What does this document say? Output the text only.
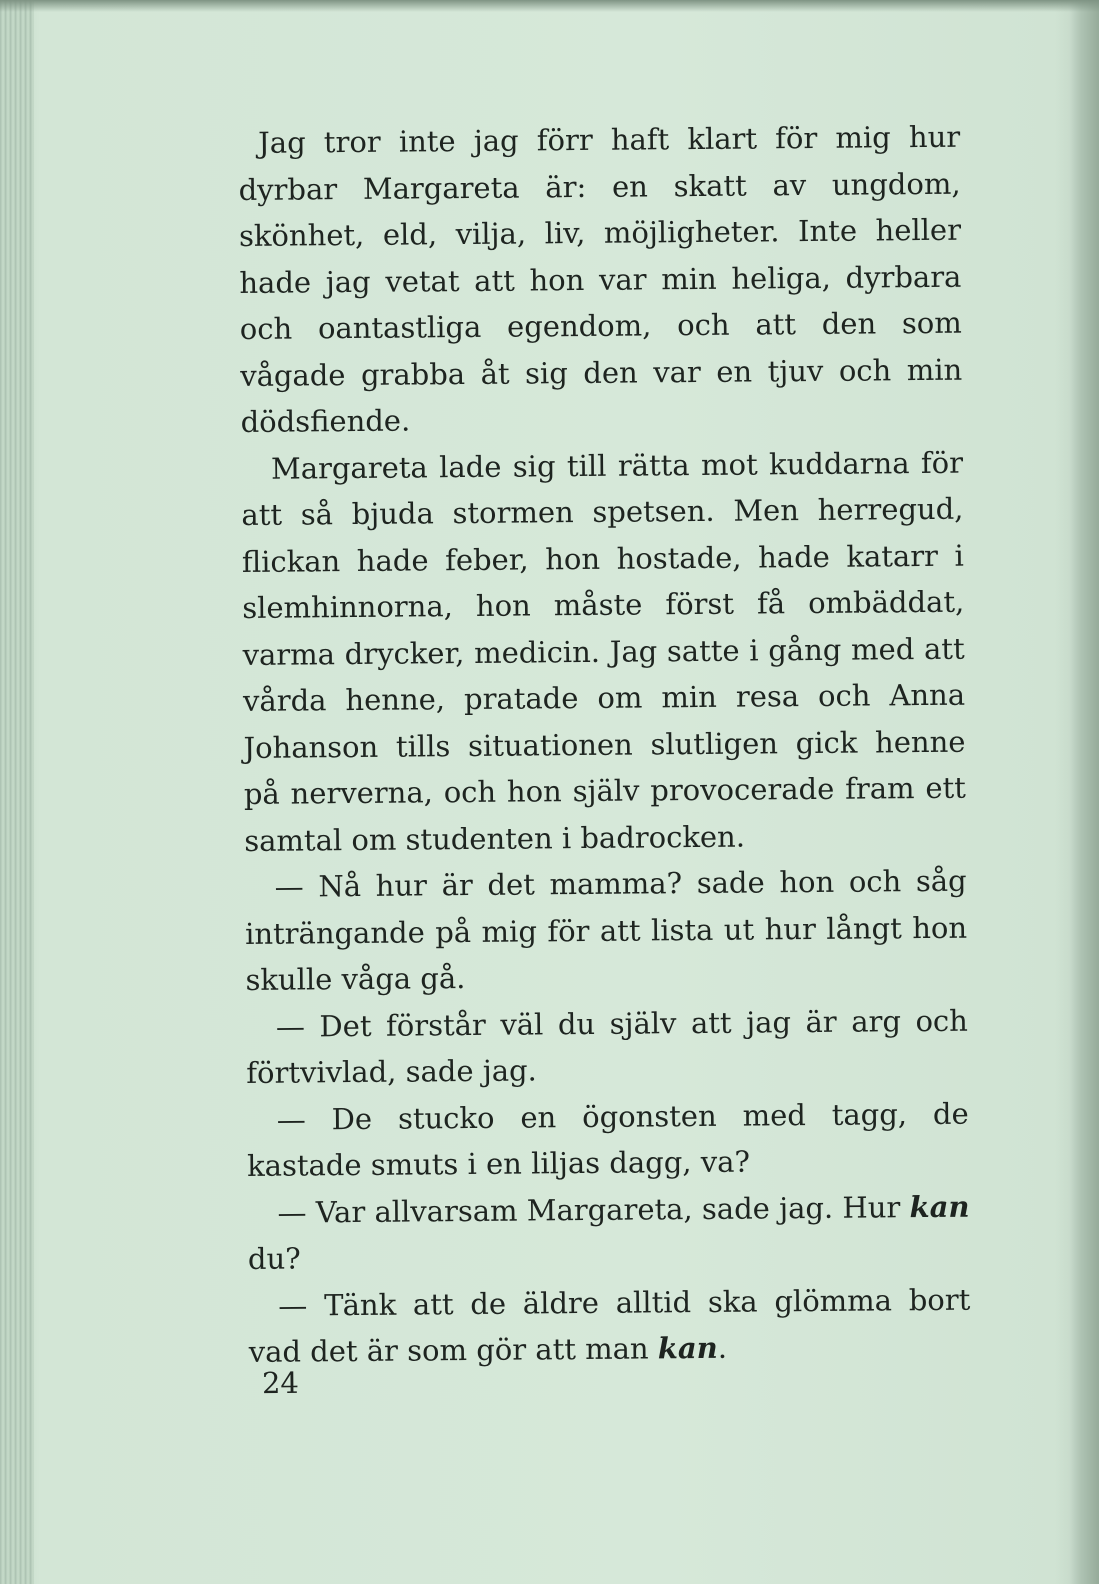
Jag tror inte jag förr haft klart för mig hur dyrbar Margareta är: en skatt av ungdom, skönhet, eld, vilja, liv, möjligheter. Inte heller hade jag vetat att hon var min heliga, dyrbara och oantastliga egendom, och att den som vågade grabba åt sig den var en tjuv och min dödsfiende.

Margareta lade sig till rätta mot kuddarna för att så bjuda stormen spetsen. Men herregud, flickan hade feber, hon hostade, hade katarr i slemhinnorna, hon måste först få ombäddat, varma drycker, medicin. Jag satte i gång med att vårda henne, pratade om min resa och Anna Johanson tills situationen slutligen gick henne på nerverna, och hon själv provocerade fram ett samtal om studenten i badrocken.

— Nå hur är det mamma? sade hon och såg inträngande på mig för att lista ut hur långt hon skulle våga gå.

— Det förstår väl du själv att jag är arg och förtvivlad, sade jag.

— De stucko en ögonsten med tagg, de kastade smuts i en liljas dagg, va?

— Var allvarsam Margareta, sade jag. Hur kan du?

— Tänk att de äldre alltid ska glömma bort vad det är som gör att man kan.

24
